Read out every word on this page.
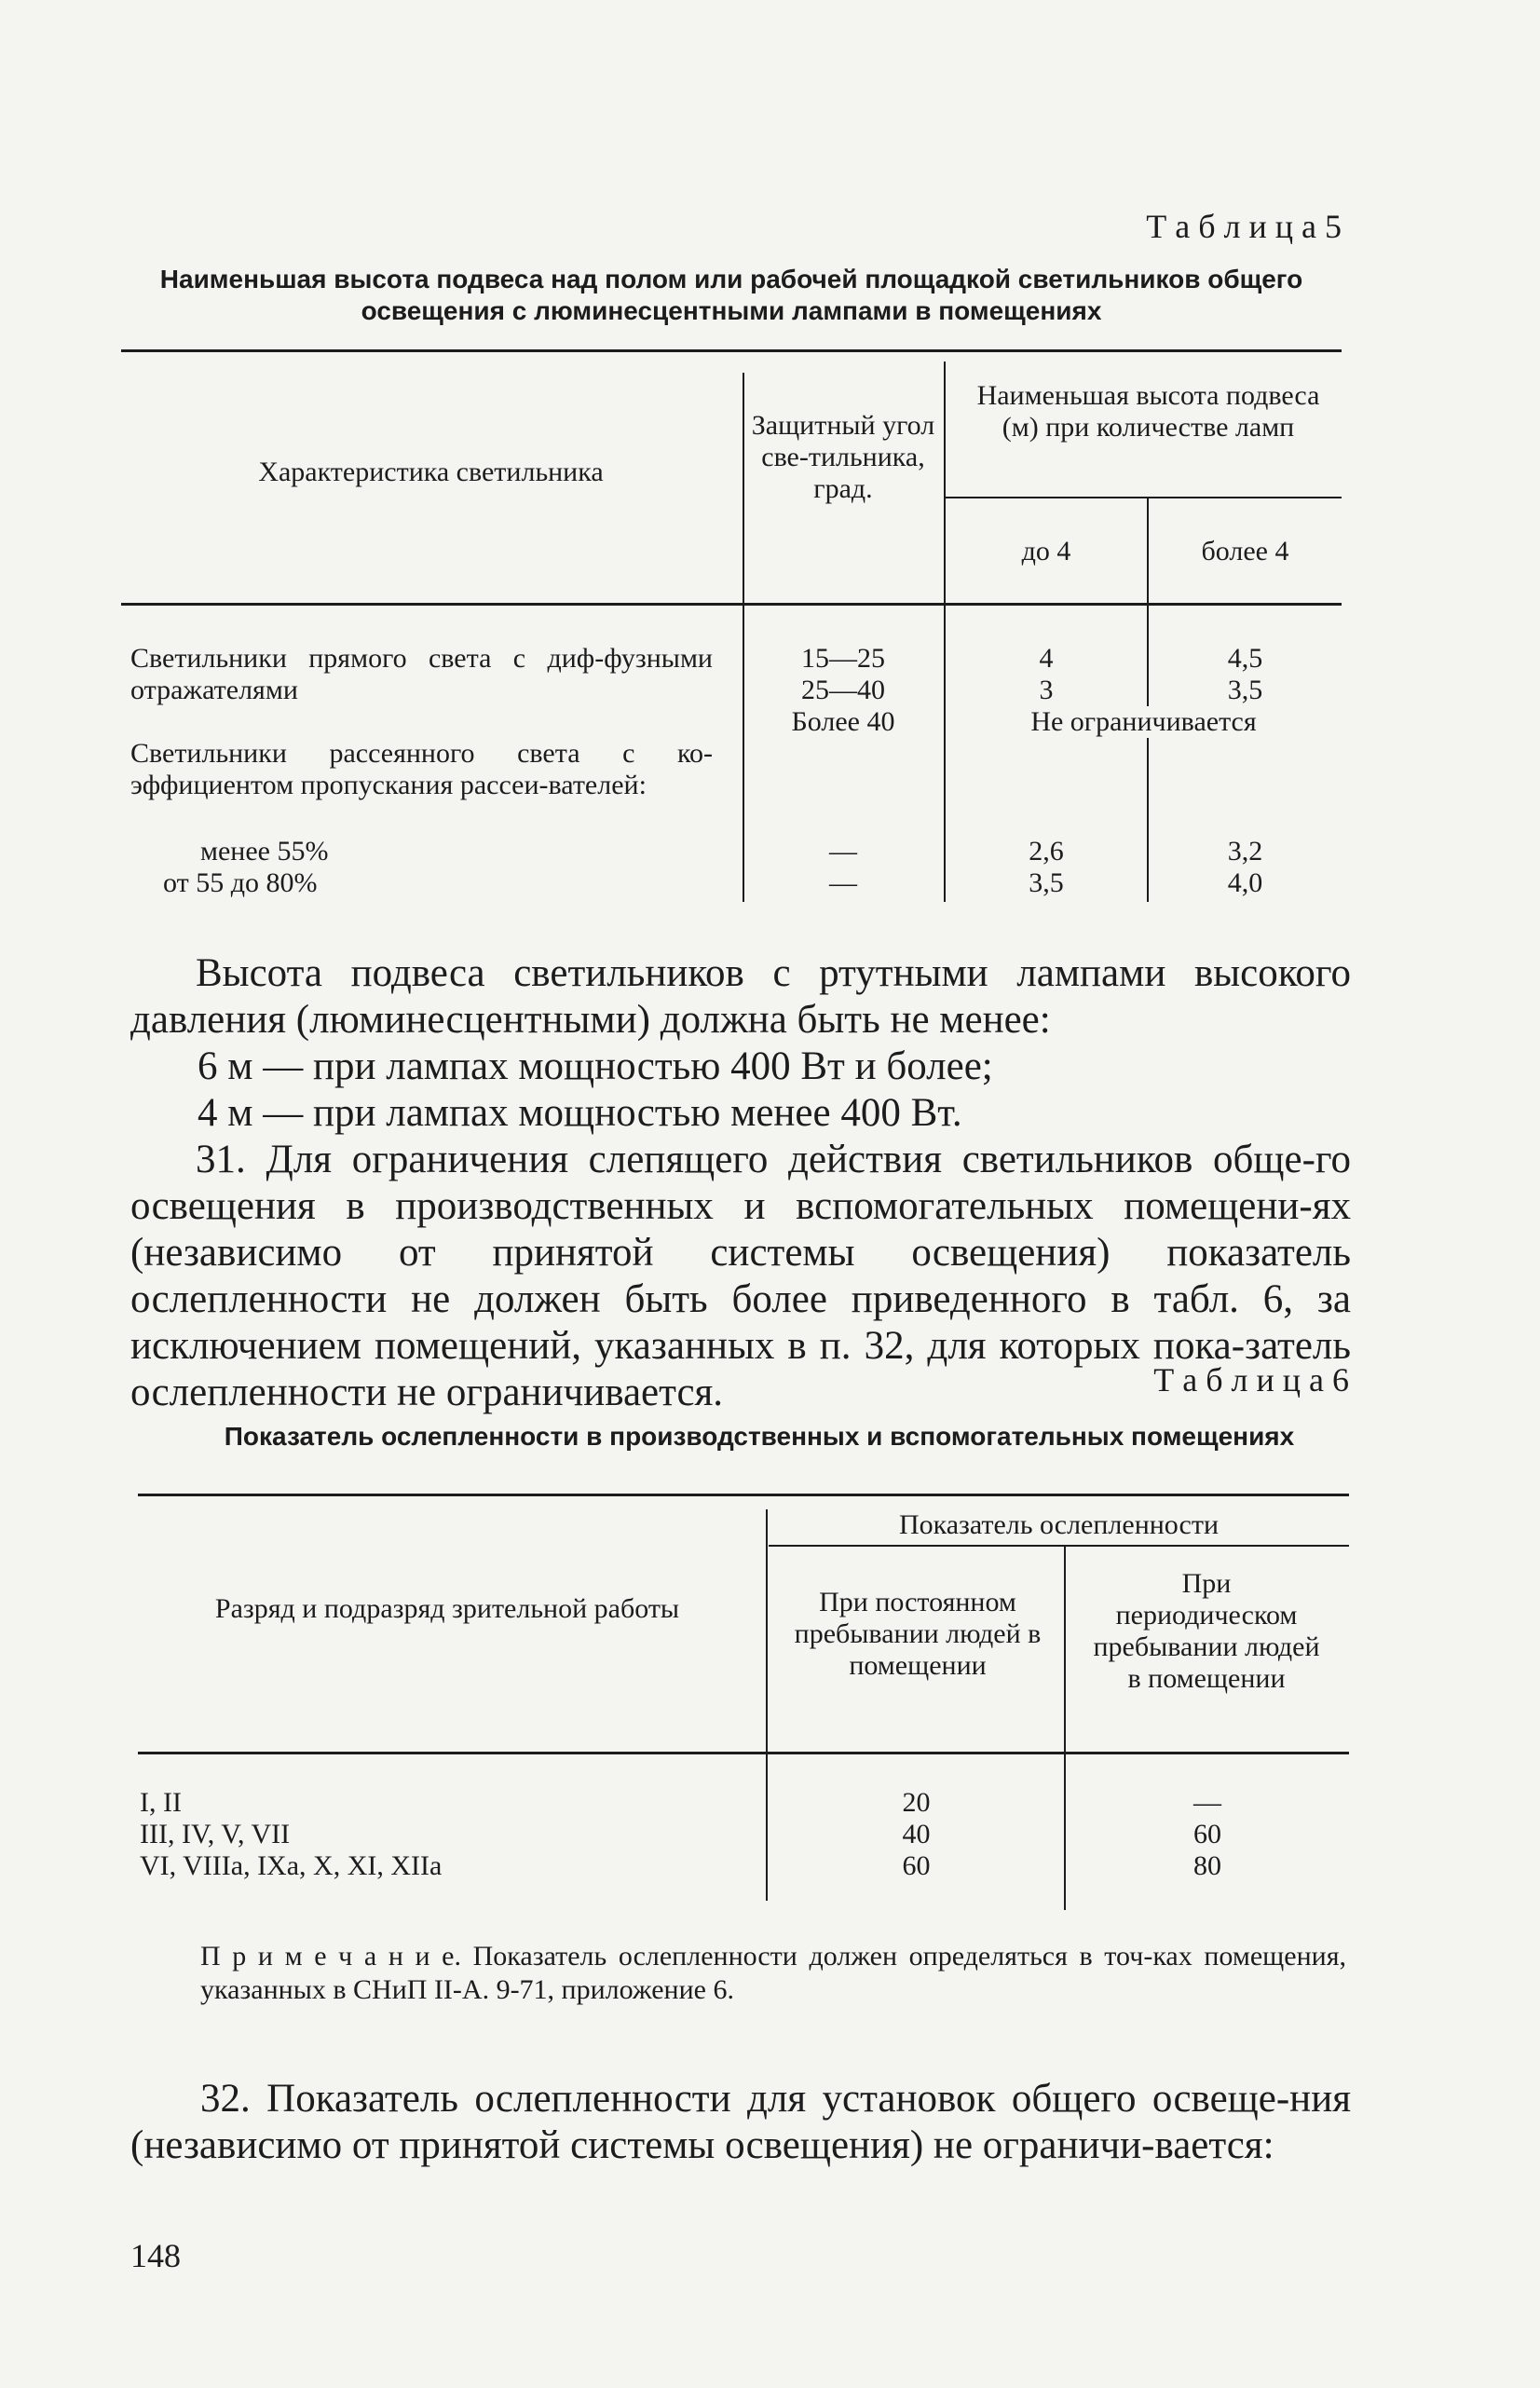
Т а б л и ц а 5
Наименьшая высота подвеса над полом или рабочей площадкой светильников общего освещения с люминесцентными лампами в помещениях
Характеристика светильника
Защитный угол све-тильника, град.
Наименьшая высота подвеса (м) при количестве ламп
до 4	более 4
Светильники прямого света с диф-фузными отражателями
15—25
25—40
Более 40
4
3
4,5
3,5
Не ограничивается
Светильники рассеянного света с ко-эффициентом пропускания рассеи-вателей:
менее 55%
от 55 до 80%
—
—
2,6
3,5
3,2
4,0
Высота подвеса светильников с ртутными лампами высокого давления (люминесцентными) должна быть не менее:
6 м — при лампах мощностью 400 Вт и более;
4 м — при лампах мощностью менее 400 Вт.
31. Для ограничения слепящего действия светильников обще-го освещения в производственных и вспомогательных помещени-ях (независимо от принятой системы освещения) показатель ослепленности не должен быть более приведенного в табл. 6, за исключением помещений, указанных в п. 32, для которых пока-затель ослепленности не ограничивается.	Т а б л и ц а 6
Показатель ослепленности в производственных и вспомогательных помещениях
Разряд и подразряд зрительной работы
Показатель ослепленности
При постоянном пребывании людей в помещении
При периодическом пребывании людей в помещении
I, II
III, IV, V, VII
VI, VIIIа, IXа, X, XI, XIIа
20
40
60
—
60
80
П р и м е ч а н и е. Показатель ослепленности должен определяться в точ-ках помещения, указанных в СНиП II-А. 9-71, приложение 6.
32. Показатель ослепленности для установок общего освеще-ния (независимо от принятой системы освещения) не ограничи-вается:
148
